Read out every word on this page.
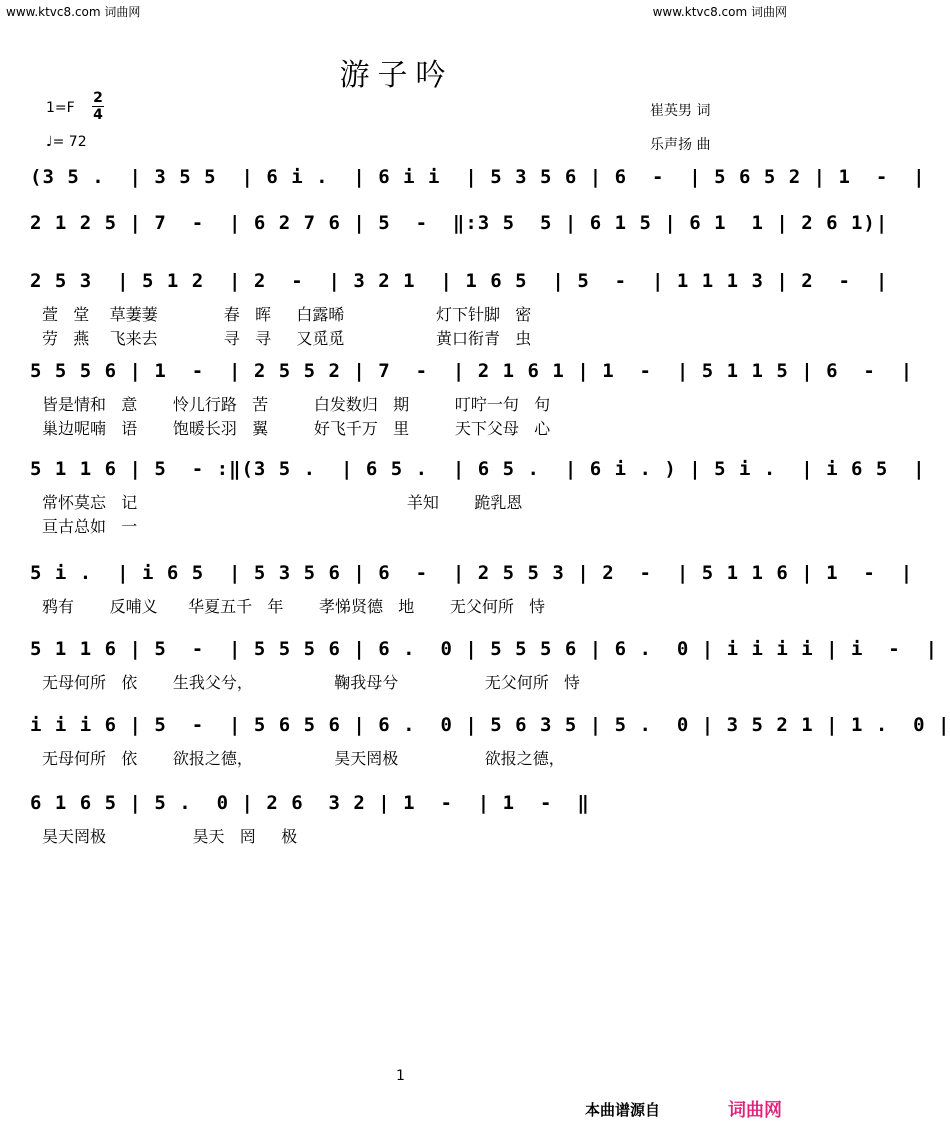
www.ktvc8.com 词曲网	www.ktvc8.com 词曲网
游子吟
1=F
2
4
♩= 72
崔英男 词
乐声扬 曲
(3 5 .  | 3 5 5  | 6 i .  | 6 i i  | 5 3 5 6 | 6  -  | 5 6 5 2 | 1  -  |
2 1 2 5 | 7  -  | 6 2 7 6 | 5  -  ‖:3 5  5 | 6 1 5 | 6 1  1 | 2 6 1)|
2 5 3  | 5 1 2  | 2  -  | 3 2 1  | 1 6 5  | 5  -  | 1 1 1 3 | 2  -  |
萱   堂    草萋萋             春   晖     白露晞                  灯下针脚   密
劳   燕    飞来去             寻   寻     又觅觅                  黄口衔青   虫
5 5 5 6 | 1  -  | 2 5 5 2 | 7  -  | 2 1 6 1 | 1  -  | 5 1 1 5 | 6  -  |
皆是情和   意       怜儿行路   苦         白发数归   期         叮咛一句   句
巢边呢喃   语       饱暖长羽   翼         好飞千万   里         天下父母   心
5 1 1 6 | 5  - :‖(3 5 .  | 6 5 .  | 6 5 .  | 6 i . ) | 5 i .  | i 6 5  |
常怀莫忘   记                                                     羊知       跪乳恩
亘古总如   一
5 i .  | i 6 5  | 5 3 5 6 | 6  -  | 2 5 5 3 | 2  -  | 5 1 1 6 | 1  -  |
鸦有       反哺义      华夏五千   年       孝悌贤德   地       无父何所   恃
5 1 1 6 | 5  -  | 5 5 5 6 | 6 .  0 | 5 5 5 6 | 6 .  0 | i i i i | i  -  |
无母何所   依       生我父兮，                鞠我母兮                 无父何所   恃
i i i 6 | 5  -  | 5 6 5 6 | 6 .  0 | 5 6 3 5 | 5 .  0 | 3 5 2 1 | 1 .  0 |
无母何所   依       欲报之德，                昊天罔极                 欲报之德，
6 1 6 5 | 5 .  0 | 2 6  3 2 | 1  -  | 1  -  ‖
昊天罔极                 昊天   罔     极
1
本曲谱源自	词曲网
